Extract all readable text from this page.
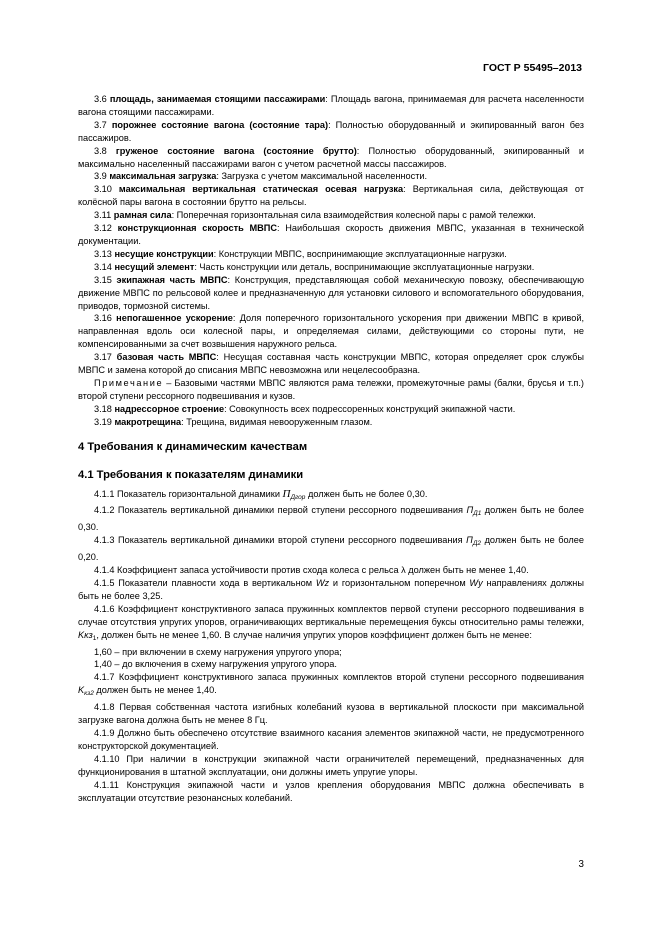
ГОСТ Р 55495–2013

3.6 площадь, занимаемая стоящими пассажирами: Площадь вагона, принимаемая для расчета населенности вагона стоящими пассажирами.

3.7 порожнее состояние вагона (состояние тара): Полностью оборудованный и экипированный вагон без пассажиров.

3.8 груженое состояние вагона (состояние брутто): Полностью оборудованный, экипированный и максимально населенный пассажирами вагон с учетом расчетной массы пассажиров.

3.9 максимальная загрузка: Загрузка с учетом максимальной населенности.

3.10 максимальная вертикальная статическая осевая нагрузка: Вертикальная сила, действующая от колёсной пары вагона в состоянии брутто на рельсы.

3.11 рамная сила: Поперечная горизонтальная сила взаимодействия колесной пары с рамой тележки.

3.12 конструкционная скорость МВПС: Наибольшая скорость движения МВПС, указанная в технической документации.

3.13 несущие конструкции: Конструкции МВПС, воспринимающие эксплуатационные нагрузки.

3.14 несущий элемент: Часть конструкции или деталь, воспринимающие эксплуатационные нагрузки.

3.15 экипажная часть МВПС: Конструкция, представляющая собой механическую повозку, обеспечивающую движение МВПС по рельсовой колее и предназначенную для установки силового и вспомогательного оборудования, приводов, тормозной системы.

3.16 непогашенное ускорение: Доля поперечного горизонтального ускорения при движении МВПС в кривой, направленная вдоль оси колесной пары, и определяемая силами, действующими со стороны пути, не компенсированными за счет возвышения наружного рельса.

3.17 базовая часть МВПС: Несущая составная часть конструкции МВПС, которая определяет срок службы МВПС и замена которой до списания МВПС невозможна или нецелесообразна.

Примечание – Базовыми частями МВПС являются рама тележки, промежуточные рамы (балки, брусья и т.п.) второй ступени рессорного подвешивания и кузов.

3.18 надрессорное строение: Совокупность всех подрессоренных конструкций экипажной части.

3.19 макротрещина: Трещина, видимая невооруженным глазом.

4 Требования к динамическим качествам
4.1 Требования к показателям динамики

4.1.1 Показатель горизонтальной динамики $П_{Дгор}$ должен быть не более 0,30.

4.1.2 Показатель вертикальной динамики первой ступени рессорного подвешивания $П_{Д1}$ должен быть не более 0,30.

4.1.3 Показатель вертикальной динамики второй ступени рессорного подвешивания $П_{Д2}$ должен быть не более 0,20.

4.1.4 Коэффициент запаса устойчивости против схода колеса с рельса λ должен быть не менее 1,40.

4.1.5 Показатели плавности хода в вертикальном Wz и горизонтальном поперечном Wy направлениях должны быть не более 3,25.

4.1.6 Коэффициент конструктивного запаса пружинных комплектов первой ступени рессорного подвешивания в случае отсутствия упругих упоров, ограничивающих вертикальные перемещения буксы относительно рамы тележки, Kкз$_1$, должен быть не менее 1,60. В случае наличия упругих упоров коэффициент должен быть не менее:

1,60 – при включении в схему нагружения упругого упора;

1,40 – до включения в схему нагружения упругого упора.

4.1.7 Коэффициент конструктивного запаса пружинных комплектов второй ступени рессорного подвешивания $K_{кз2}$ должен быть не менее 1,40.

4.1.8 Первая собственная частота изгибных колебаний кузова в вертикальной плоскости при максимальной загрузке вагона должна быть не менее 8 Гц.

4.1.9 Должно быть обеспечено отсутствие взаимного касания элементов экипажной части, не предусмотренного конструкторской документацией.

4.1.10 При наличии в конструкции экипажной части ограничителей перемещений, предназначенных для функционирования в штатной эксплуатации, они должны иметь упругие упоры.

4.1.11 Конструкция экипажной части и узлов крепления оборудования МВПС должна обеспечивать в эксплуатации отсутствие резонансных колебаний.

3
